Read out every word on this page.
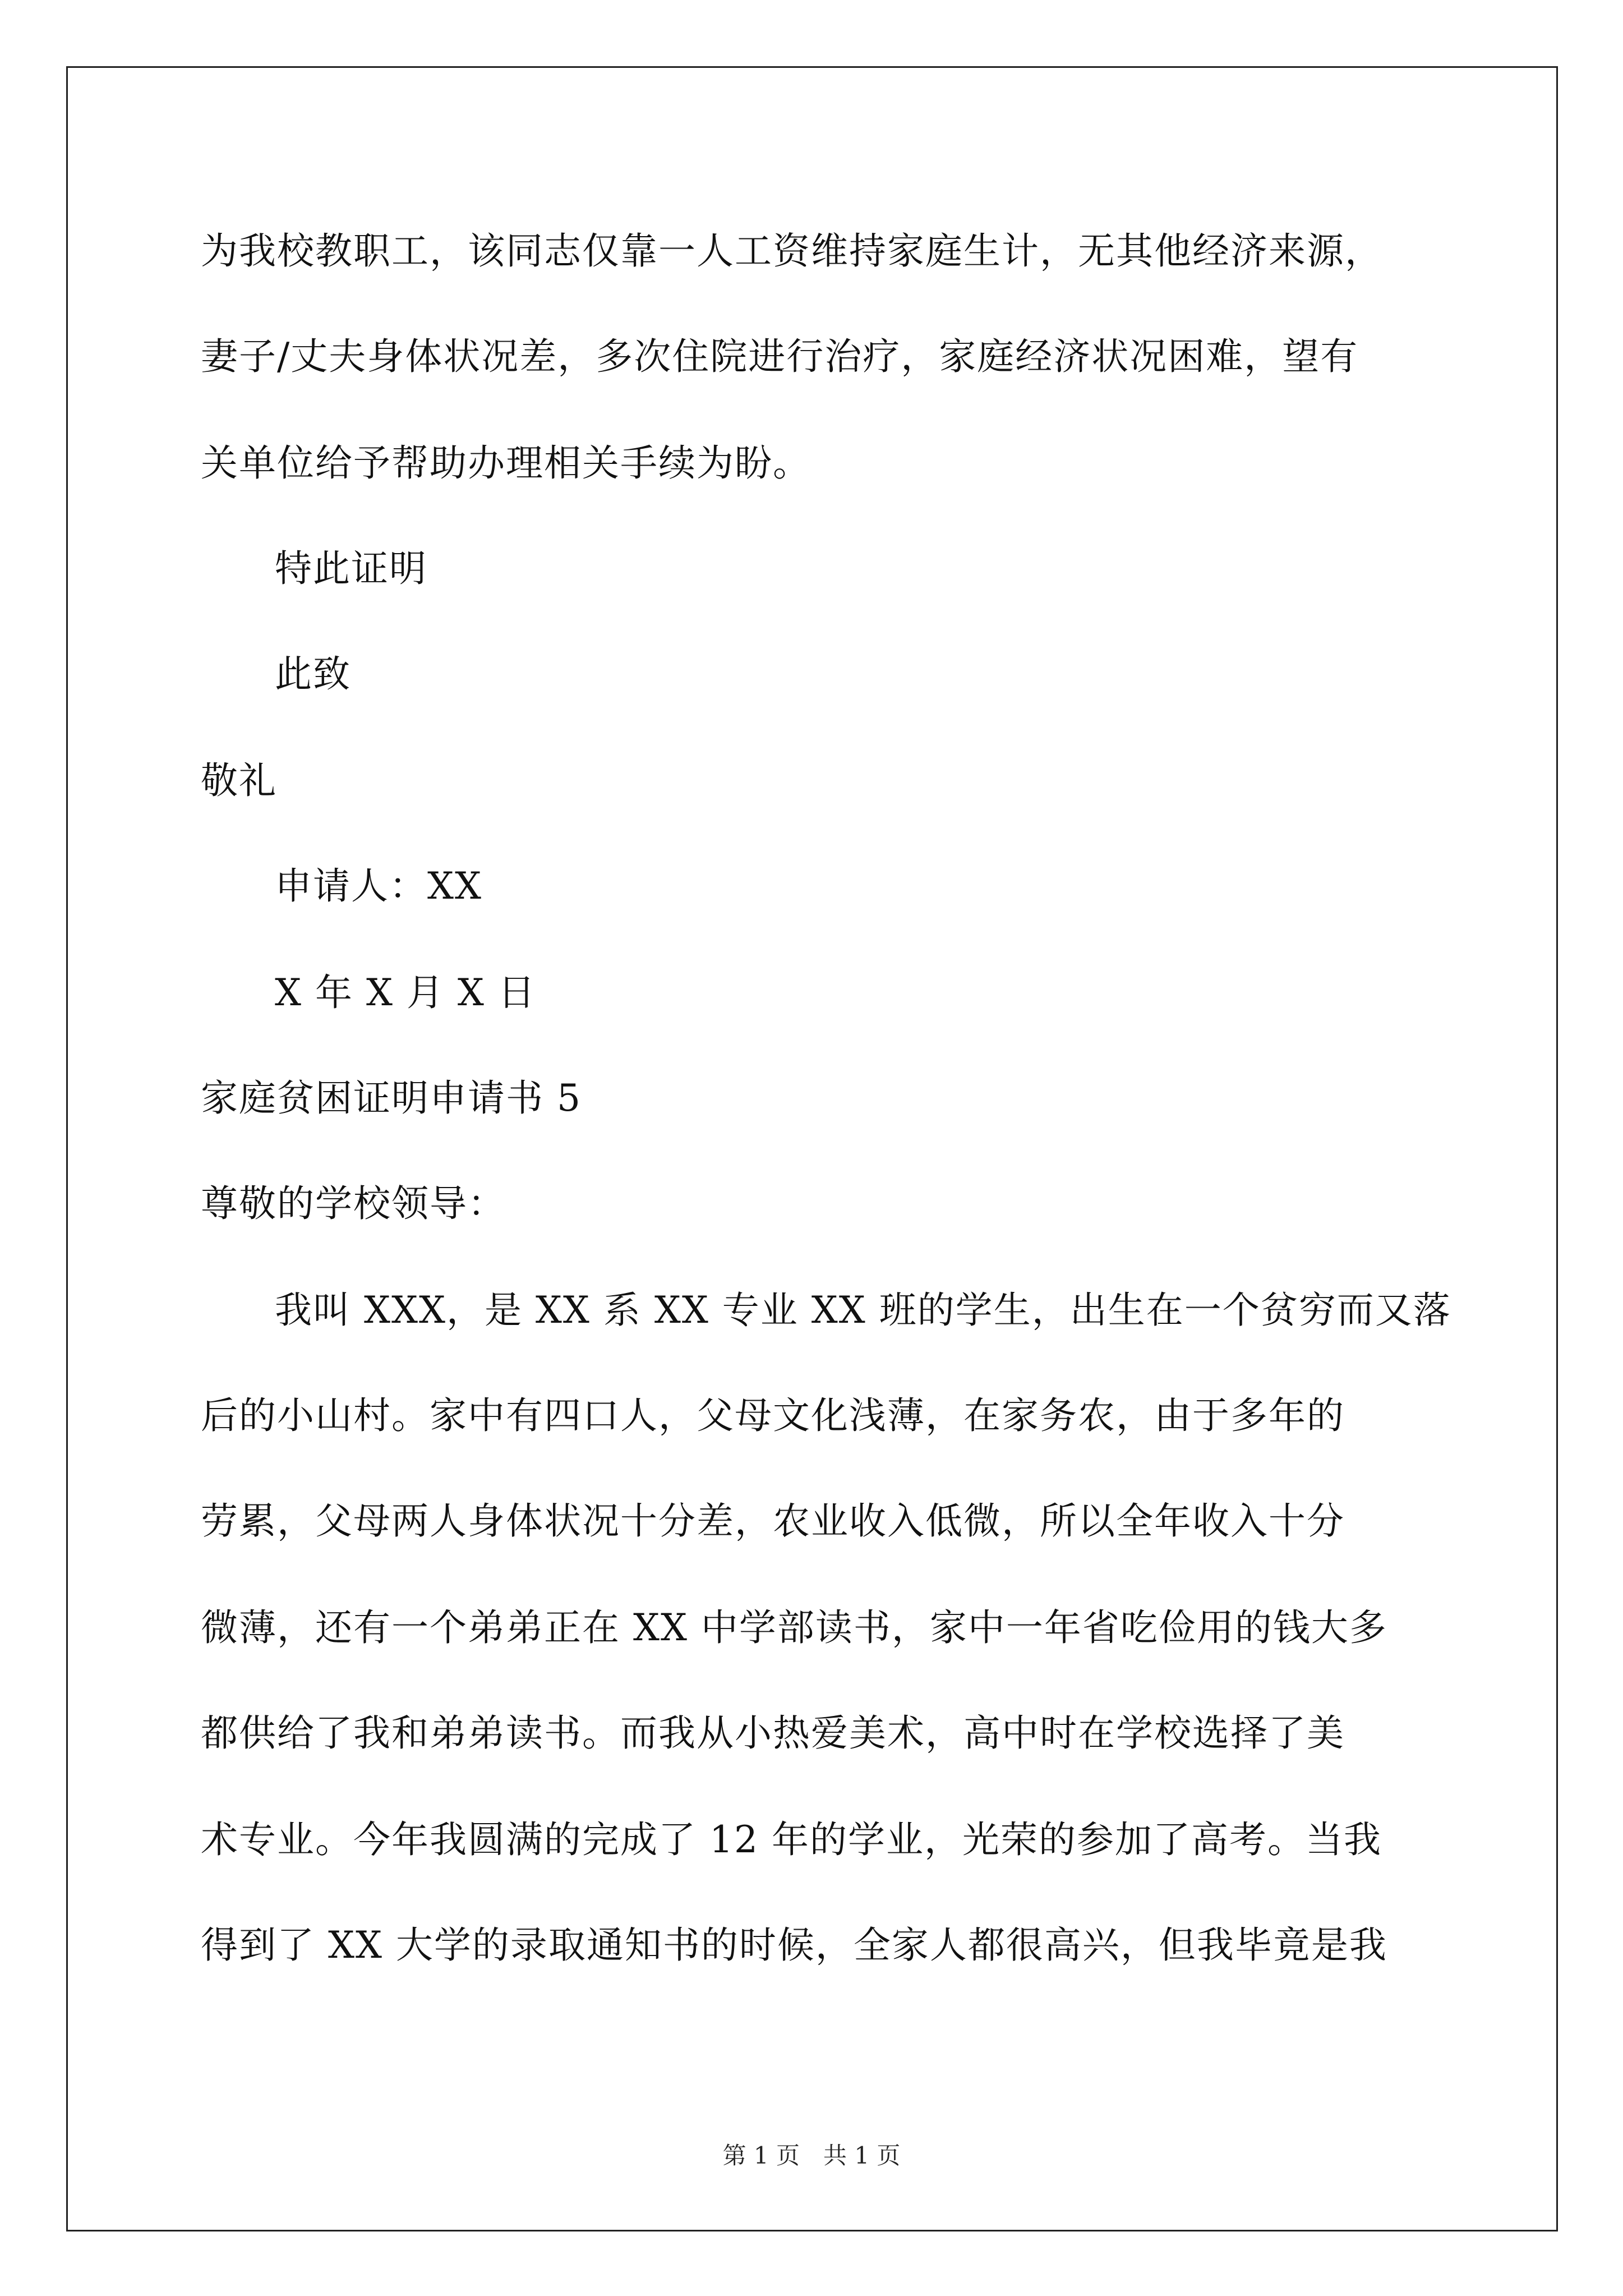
为我校教职工，该同志仅靠一人工资维持家庭生计，无其他经济来源，
妻子/丈夫身体状况差，多次住院进行治疗，家庭经济状况困难，望有
关单位给予帮助办理相关手续为盼。
特此证明
此致
敬礼
申请人：XX
X 年 X 月 X 日
家庭贫困证明申请书 5
尊敬的学校领导：
我叫 XXX，是 XX 系 XX 专业 XX 班的学生，出生在一个贫穷而又落
后的小山村。家中有四口人，父母文化浅薄，在家务农，由于多年的
劳累，父母两人身体状况十分差，农业收入低微，所以全年收入十分
微薄，还有一个弟弟正在 XX 中学部读书，家中一年省吃俭用的钱大多
都供给了我和弟弟读书。而我从小热爱美术，高中时在学校选择了美
术专业。今年我圆满的完成了 12 年的学业，光荣的参加了高考。当我
得到了 XX 大学的录取通知书的时候，全家人都很高兴，但我毕竟是我
第 1 页　共 1 页
